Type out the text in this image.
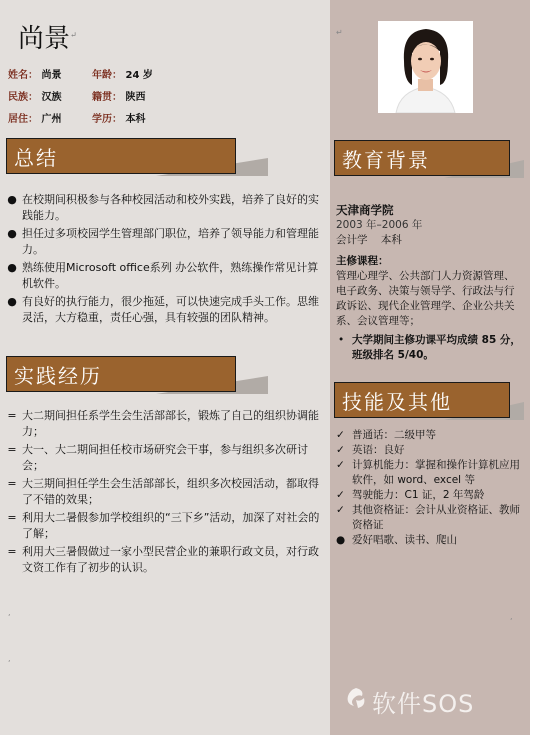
尚景↵
姓名： 尚景	年龄： 24 岁
民族： 汉族	籍贯： 陕西
居住： 广州	学历： 本科
总结
● 在校期间积极参与各种校园活动和校外实践，培养了良好的实践能力。
● 担任过多项校园学生管理部门职位，培养了领导能力和管理能力。
● 熟练使用Microsoft office系列 办公软件，熟练操作常见计算机软件。
● 有良好的执行能力，很少拖延，可以快速完成手头工作。思维灵活，大方稳重，责任心强，具有较强的团队精神。
实践经历
= 大二期间担任系学生会生活部部长，锻炼了自己的组织协调能力；
= 大一、大二期间担任校市场研究会干事，参与组织多次研讨会；
= 大三期间担任学生会生活部部长，组织多次校园活动，都取得了不错的效果；
= 利用大二暑假参加学校组织的“三下乡”活动，加深了对社会的了解；
= 利用大三暑假做过一家小型民营企业的兼职行政文员，对行政文资工作有了初步的认识。
教育背景
天津商学院
2003 年–2006 年
会计学 本科
主修课程：
管理心理学、公共部门人力资源管理、电子政务、决策与领导学、行政法与行政诉讼、现代企业管理学、企业公共关系、会议管理等；
• 大学期间主修功课平均成绩 85 分，班级排名 5/40。
技能及其他
✓ 普通话：二级甲等
✓ 英语：良好
✓ 计算机能力：掌握和操作计算机应用软件，如 word、excel 等
✓ 驾驶能力：C1 证，2 年驾龄
✓ 其他资格证：会计从业资格证、教师资格证
● 爱好唱歌、读书、爬山
↵
,
,
,
软件SOS
